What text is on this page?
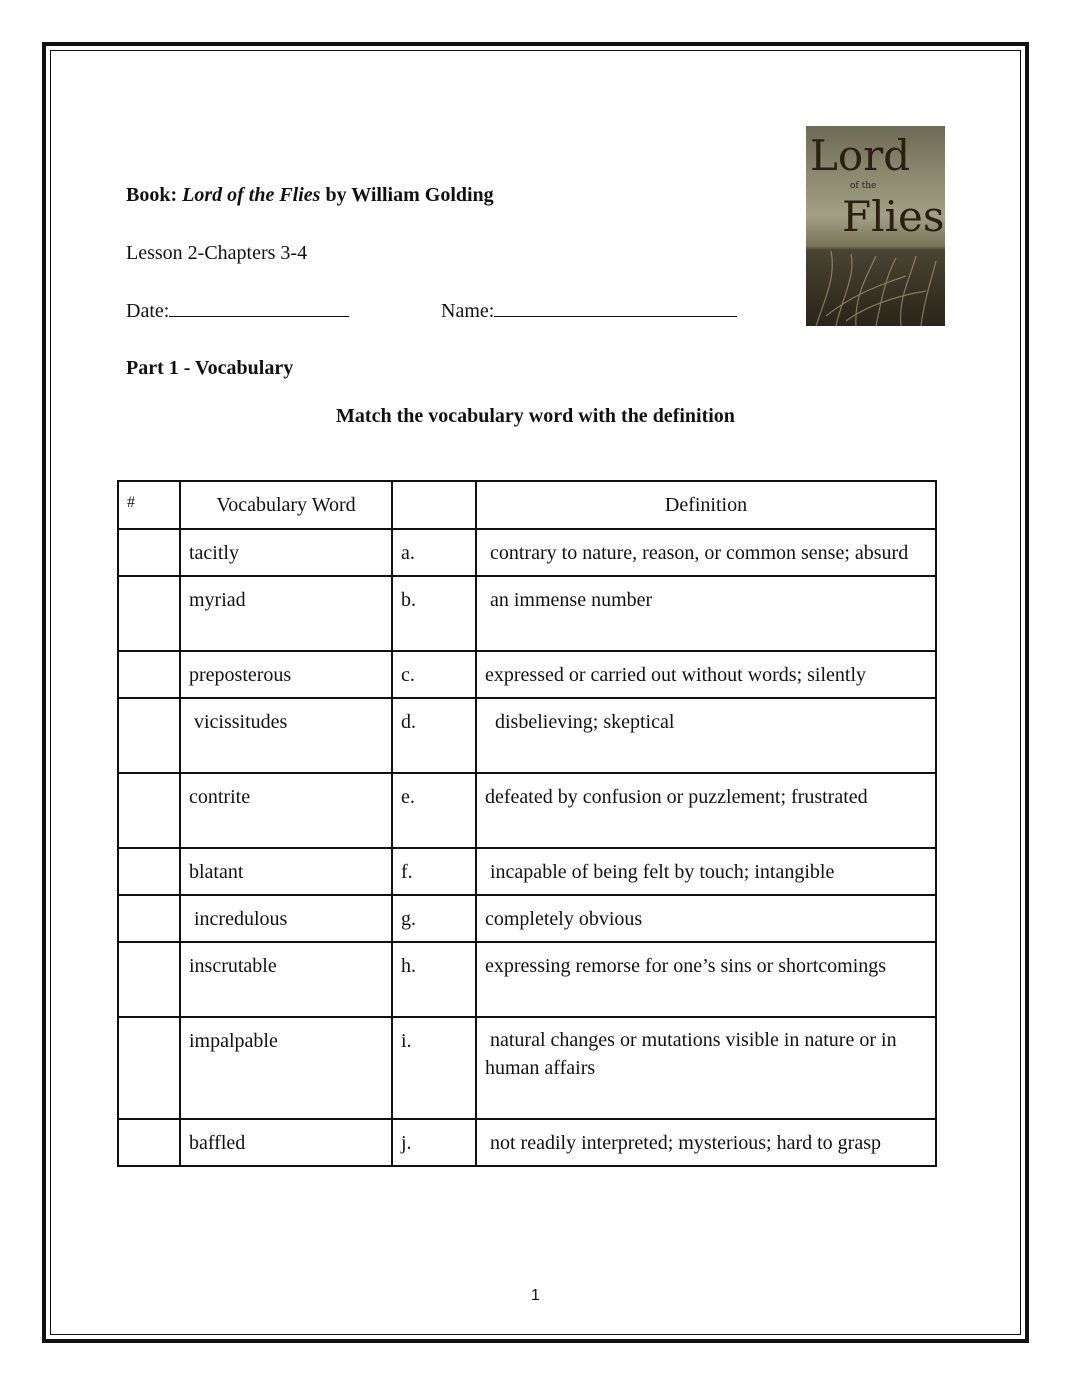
Book: Lord of the Flies by William Golding
Lesson 2-Chapters 3-4
Date:	Name:
Lord
of the
Flies
Part 1 - Vocabulary
Match the vocabulary word with the definition
#	Vocabulary Word		Definition
	tacitly	a.	contrary to nature, reason, or common sense; absurd
	myriad	b.	an immense number
	preposterous	c.	expressed or carried out without words; silently
	vicissitudes	d.	disbelieving; skeptical
	contrite	e.	defeated by confusion or puzzlement; frustrated
	blatant	f.	incapable of being felt by touch; intangible
	incredulous	g.	completely obvious
	inscrutable	h.	expressing remorse for one’s sins or shortcomings
	impalpable	i.	natural changes or mutations visible in nature or in human affairs
	baffled	j.	not readily interpreted; mysterious; hard to grasp
1
